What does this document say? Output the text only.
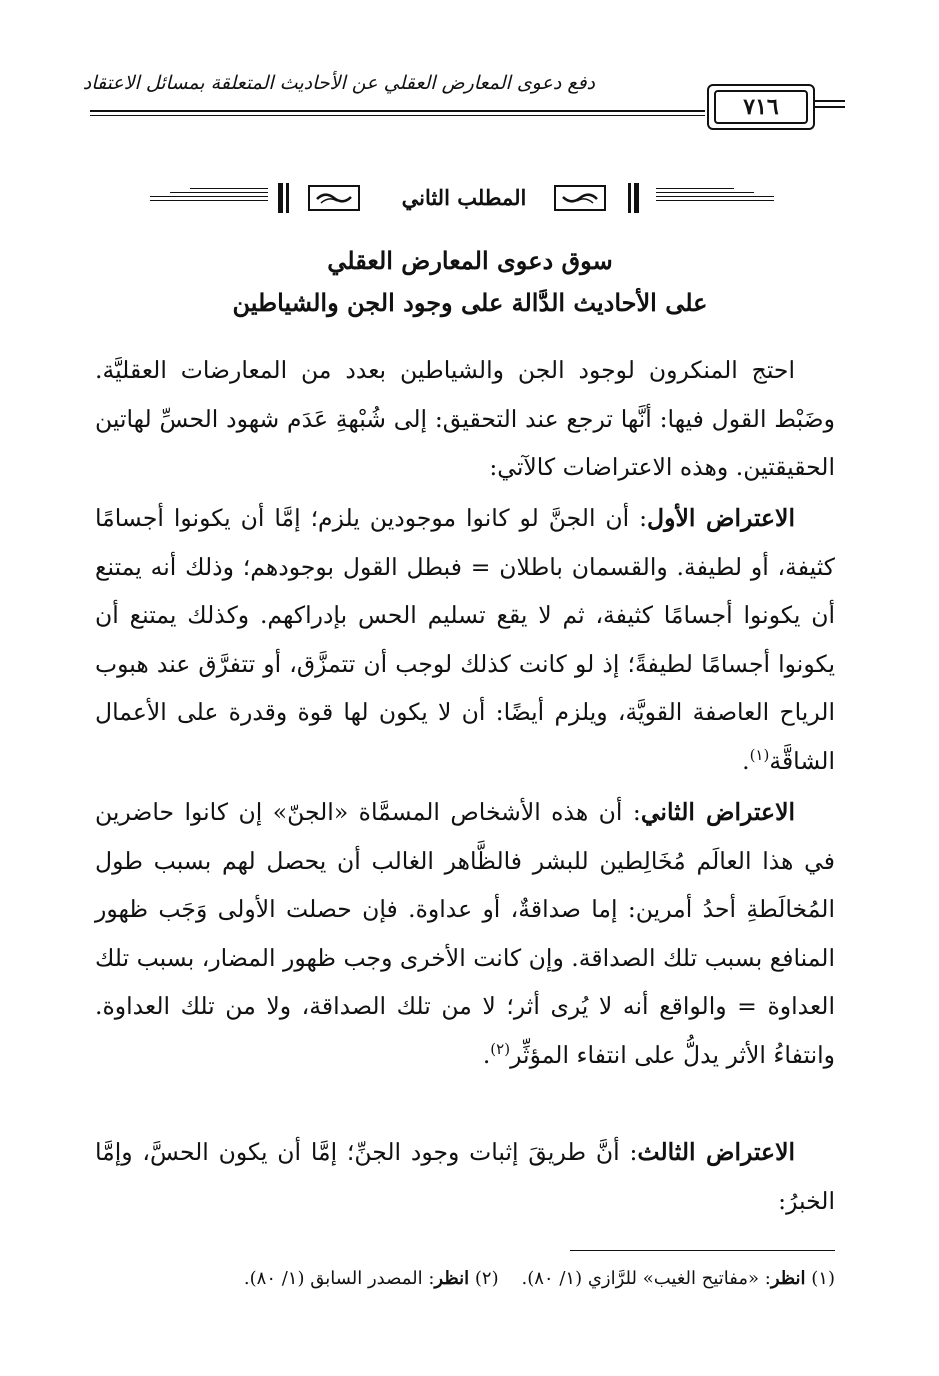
دفع دعوى المعارض العقلي عن الأحاديث المتعلقة بمسائل الاعتقاد
٧١٦
المطلب الثاني
سوق دعوى المعارض العقلي
على الأحاديث الدَّالة على وجود الجن والشياطين

احتج المنكرون لوجود الجن والشياطين بعدد من المعارضات العقليَّة. وضَبْط القول فيها: أنَّها ترجع عند التحقيق: إلى شُبْهةِ عَدَم شهود الحسِّ لهاتين الحقيقتين. وهذه الاعتراضات كالآتي:

الاعتراض الأول: أن الجنَّ لو كانوا موجودين يلزم؛ إمَّا أن يكونوا أجسامًا كثيفة، أو لطيفة. والقسمان باطلان = فبطل القول بوجودهم؛ وذلك أنه يمتنع أن يكونوا أجسامًا كثيفة، ثم لا يقع تسليم الحس بإدراكهم. وكذلك يمتنع أن يكونوا أجسامًا لطيفةً؛ إذ لو كانت كذلك لوجب أن تتمزَّق، أو تتفرَّق عند هبوب الرياح العاصفة القويَّة، ويلزم أيضًا: أن لا يكون لها قوة وقدرة على الأعمال الشاقَّة$^{(١)}$.

الاعتراض الثاني: أن هذه الأشخاص المسمَّاة «الجنّ» إن كانوا حاضرين في هذا العالَم مُخَالِطين للبشر فالظَّاهر الغالب أن يحصل لهم بسبب طول المُخالَطةِ أحدُ أمرين: إما صداقةٌ، أو عداوة. فإن حصلت الأولى وَجَب ظهور المنافع بسبب تلك الصداقة. وإن كانت الأخرى وجب ظهور المضار، بسبب تلك العداوة = والواقع أنه لا يُرى أثر؛ لا من تلك الصداقة، ولا من تلك العداوة. وانتفاءُ الأثر يدلُّ على انتفاء المؤثِّر$^{(٢)}$.

الاعتراض الثالث: أنَّ طريقَ إثبات وجود الجنِّ؛ إمَّا أن يكون الحسَّ، وإمَّا الخبرُ:

(١) انظر: «مفاتيح الغيب» للرَّازي (١/ ٨٠).    (٢) انظر: المصدر السابق (١/ ٨٠).
